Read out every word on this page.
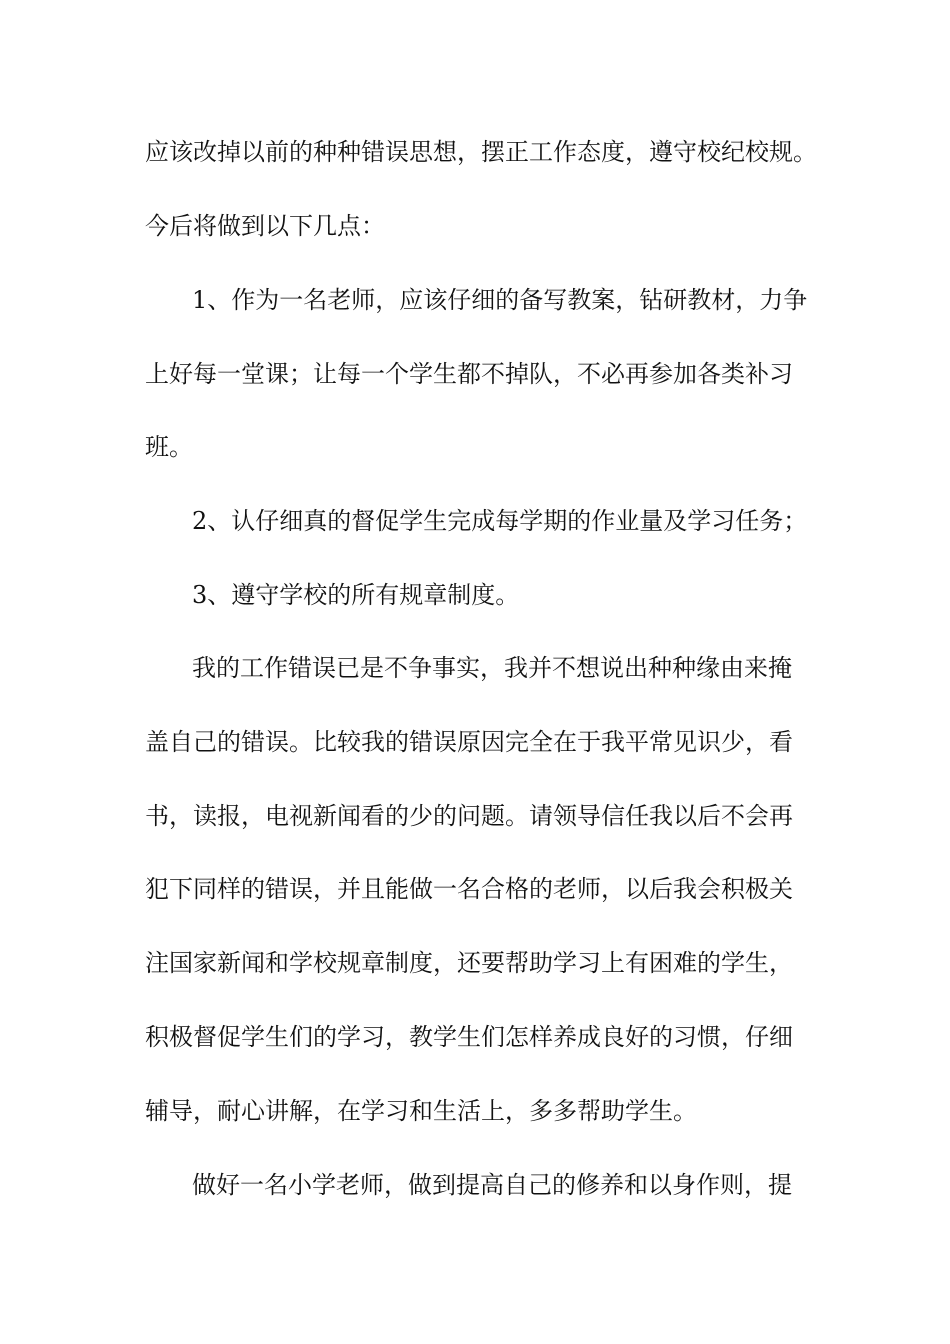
应该改掉以前的种种错误思想，摆正工作态度，遵守校纪校规。

今后将做到以下几点：

1、作为一名老师，应该仔细的备写教案，钻研教材，力争

上好每一堂课；让每一个学生都不掉队，不必再参加各类补习

班。

2、认仔细真的督促学生完成每学期的作业量及学习任务；

3、遵守学校的所有规章制度。

我的工作错误已是不争事实，我并不想说出种种缘由来掩

盖自己的错误。比较我的错误原因完全在于我平常见识少，看

书，读报，电视新闻看的少的问题。请领导信任我以后不会再

犯下同样的错误，并且能做一名合格的老师，以后我会积极关

注国家新闻和学校规章制度，还要帮助学习上有困难的学生，

积极督促学生们的学习，教学生们怎样养成良好的习惯，仔细

辅导，耐心讲解，在学习和生活上，多多帮助学生。

做好一名小学老师，做到提高自己的修养和以身作则，提
